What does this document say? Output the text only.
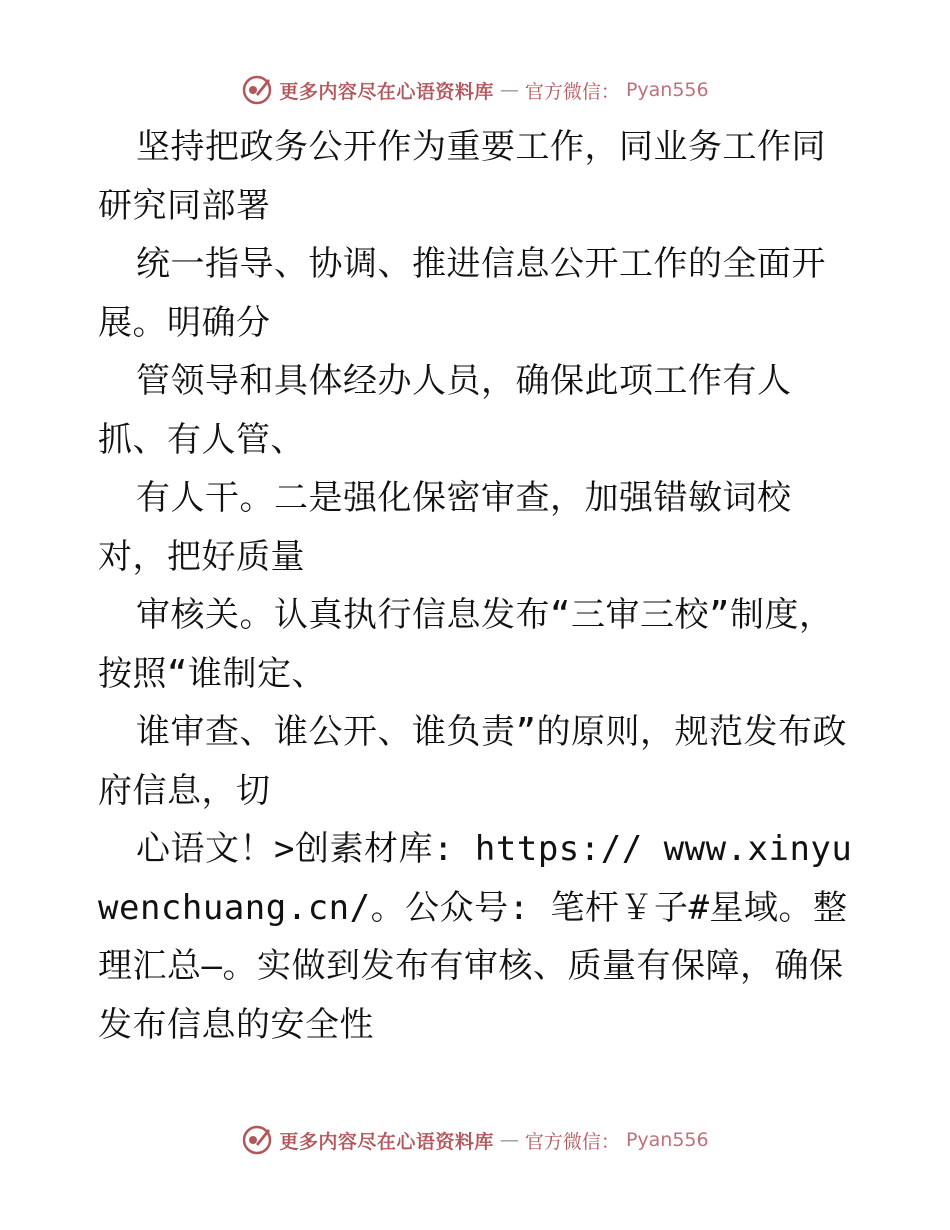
更多内容尽在心语资料库 — 官方微信： Pyan556

坚持把政务公开作为重要工作，同业务工作同研究同部署

统一指导、协调、推进信息公开工作的全面开展。明确分

管领导和具体经办人员，确保此项工作有人抓、有人管、

有人干。二是强化保密审查，加强错敏词校对，把好质量

审核关。认真执行信息发布“三审三校”制度，按照“谁制定、

谁审查、谁公开、谁负责”的原则，规范发布政府信息，切

心语文！>创素材库: https:// www.xinyuwenchuang.cn/。公众号: 笔杆￥子#星域。整理汇总—。实做到发布有审核、质量有保障，确保发布信息的安全性

更多内容尽在心语资料库 — 官方微信： Pyan556
